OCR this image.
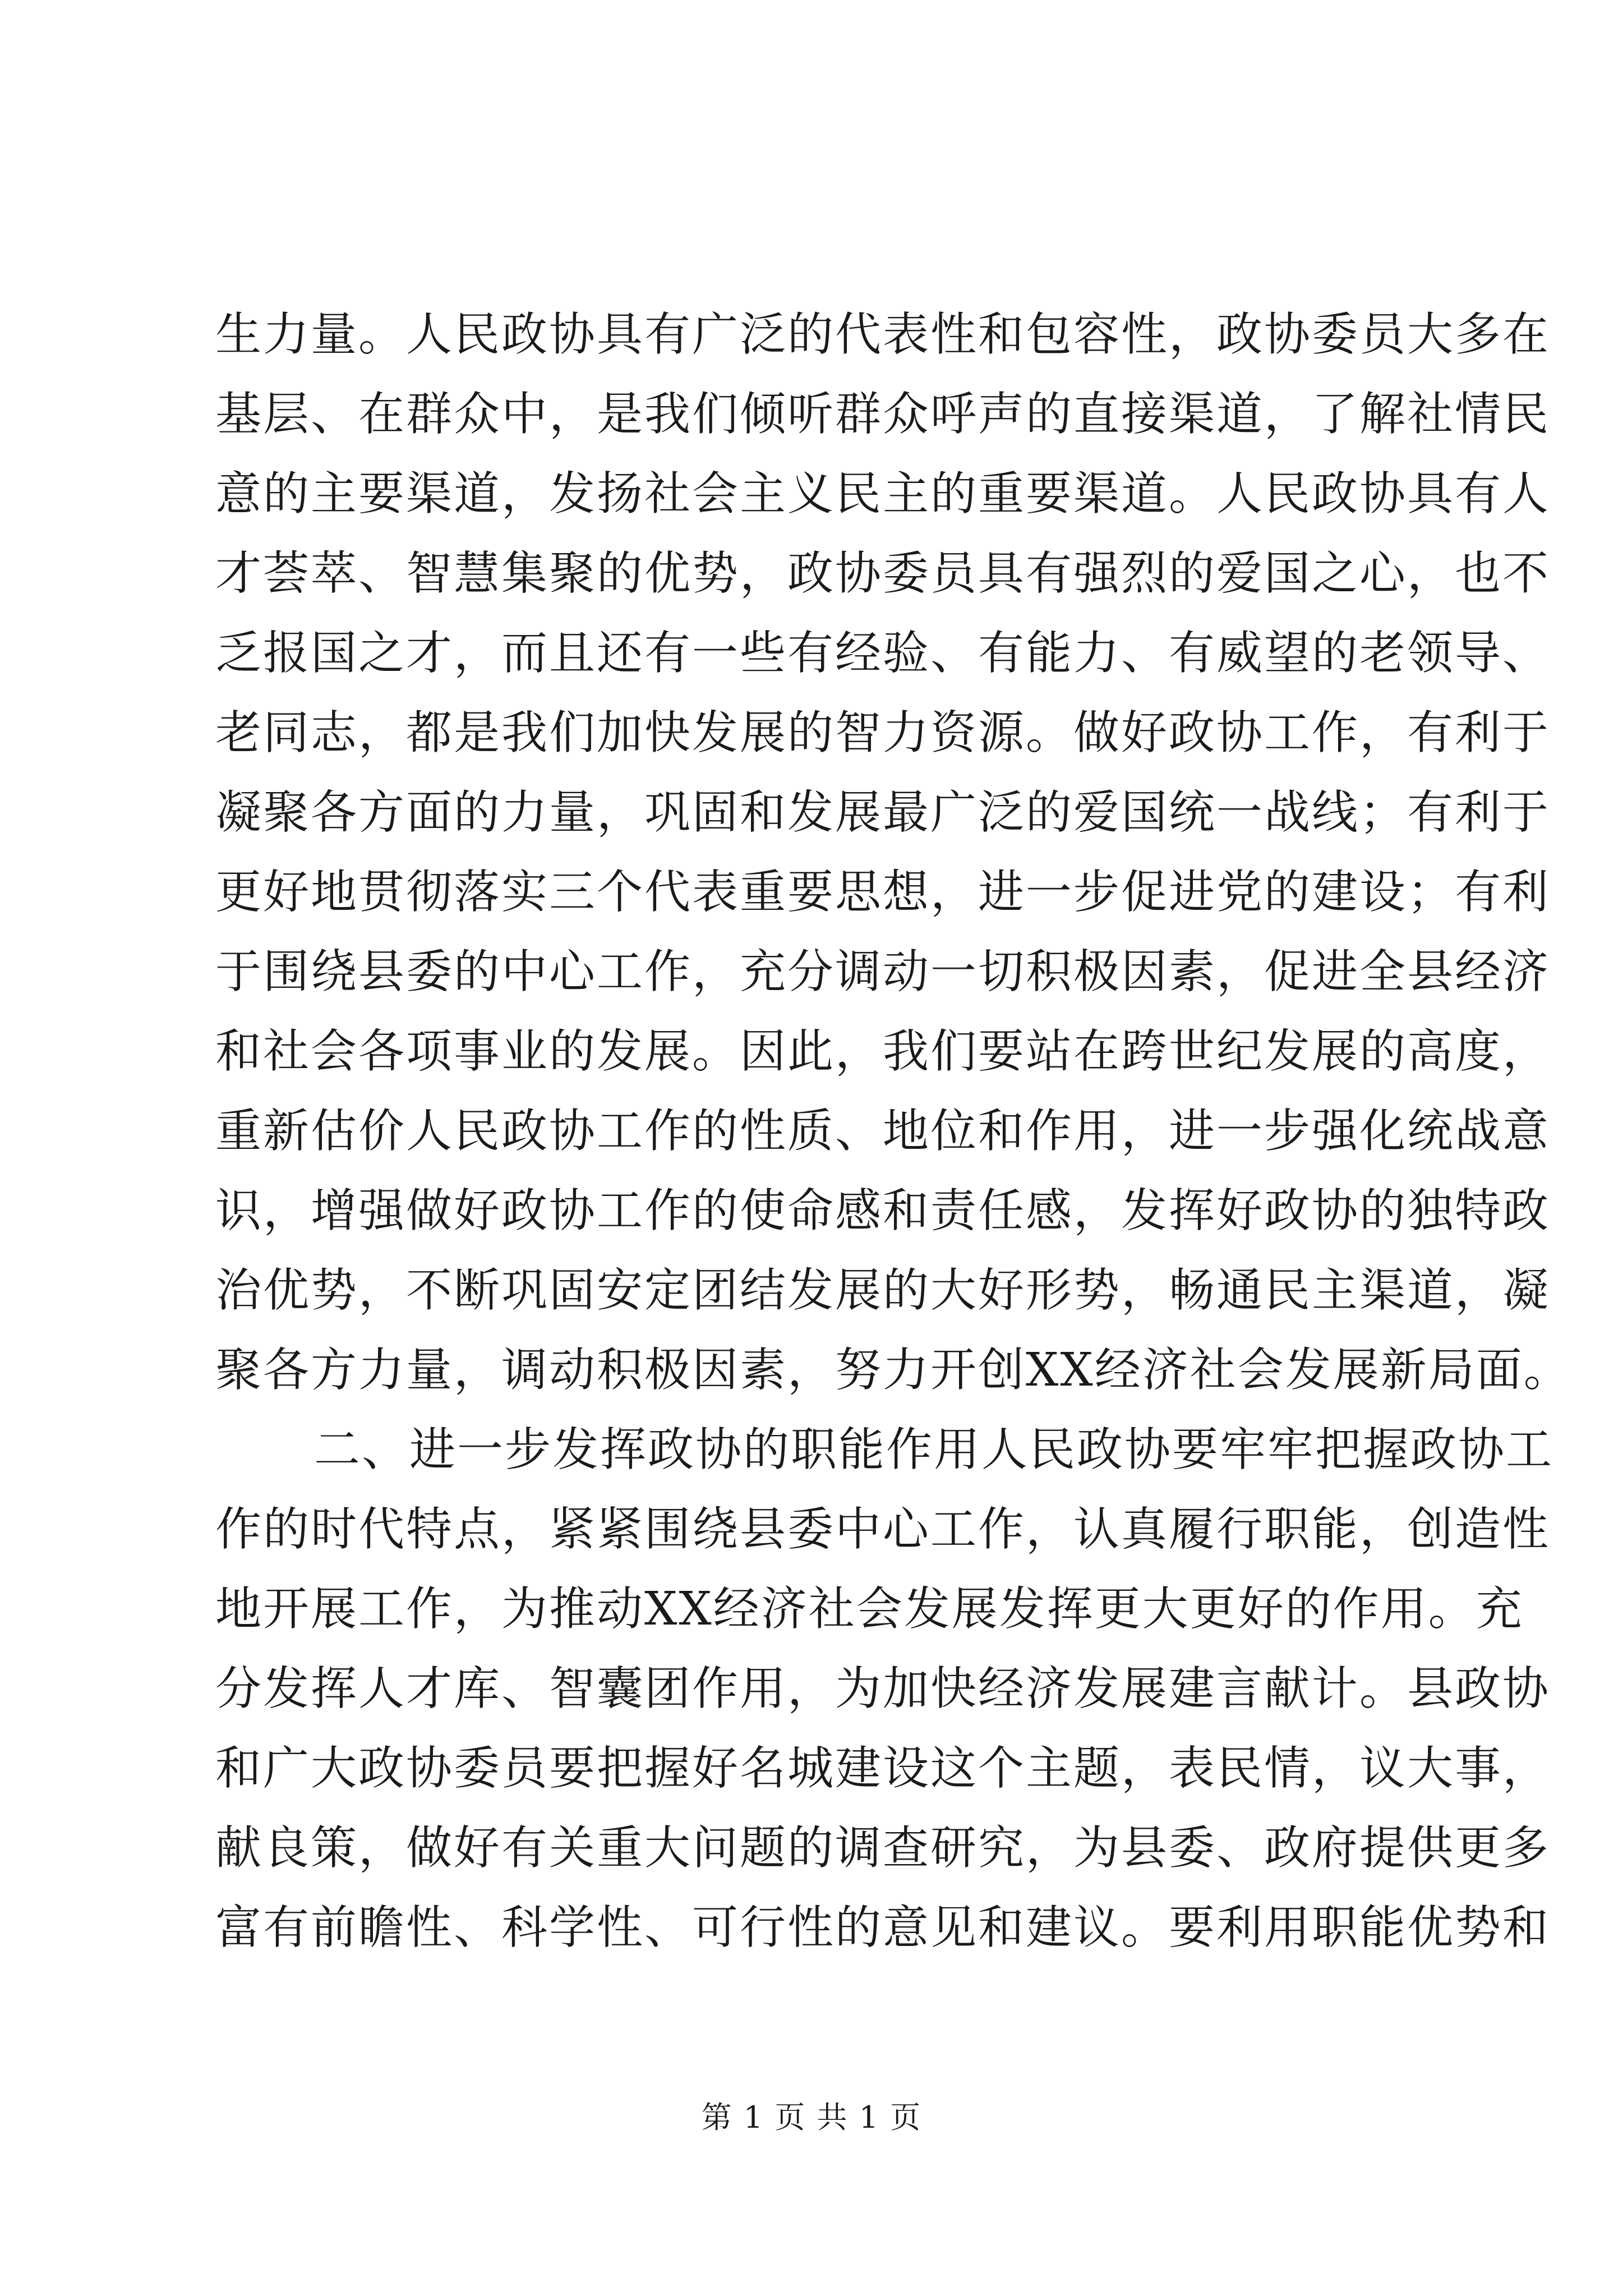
生力量。人民政协具有广泛的代表性和包容性，政协委员大多在
基层、在群众中，是我们倾听群众呼声的直接渠道，了解社情民
意的主要渠道，发扬社会主义民主的重要渠道。人民政协具有人
才荟萃、智慧集聚的优势，政协委员具有强烈的爱国之心，也不
乏报国之才，而且还有一些有经验、有能力、有威望的老领导、
老同志，都是我们加快发展的智力资源。做好政协工作，有利于
凝聚各方面的力量，巩固和发展最广泛的爱国统一战线；有利于
更好地贯彻落实三个代表重要思想，进一步促进党的建设；有利
于围绕县委的中心工作，充分调动一切积极因素，促进全县经济
和社会各项事业的发展。因此，我们要站在跨世纪发展的高度，
重新估价人民政协工作的性质、地位和作用，进一步强化统战意
识，增强做好政协工作的使命感和责任感，发挥好政协的独特政
治优势，不断巩固安定团结发展的大好形势，畅通民主渠道，凝
聚各方力量，调动积极因素，努力开创XX经济社会发展新局面。
二、进一步发挥政协的职能作用人民政协要牢牢把握政协工
作的时代特点，紧紧围绕县委中心工作，认真履行职能，创造性
地开展工作，为推动XX经济社会发展发挥更大更好的作用。充
分发挥人才库、智囊团作用，为加快经济发展建言献计。县政协
和广大政协委员要把握好名城建设这个主题，表民情，议大事，
献良策，做好有关重大问题的调查研究，为县委、政府提供更多
富有前瞻性、科学性、可行性的意见和建议。要利用职能优势和
第 1 页 共 1 页
